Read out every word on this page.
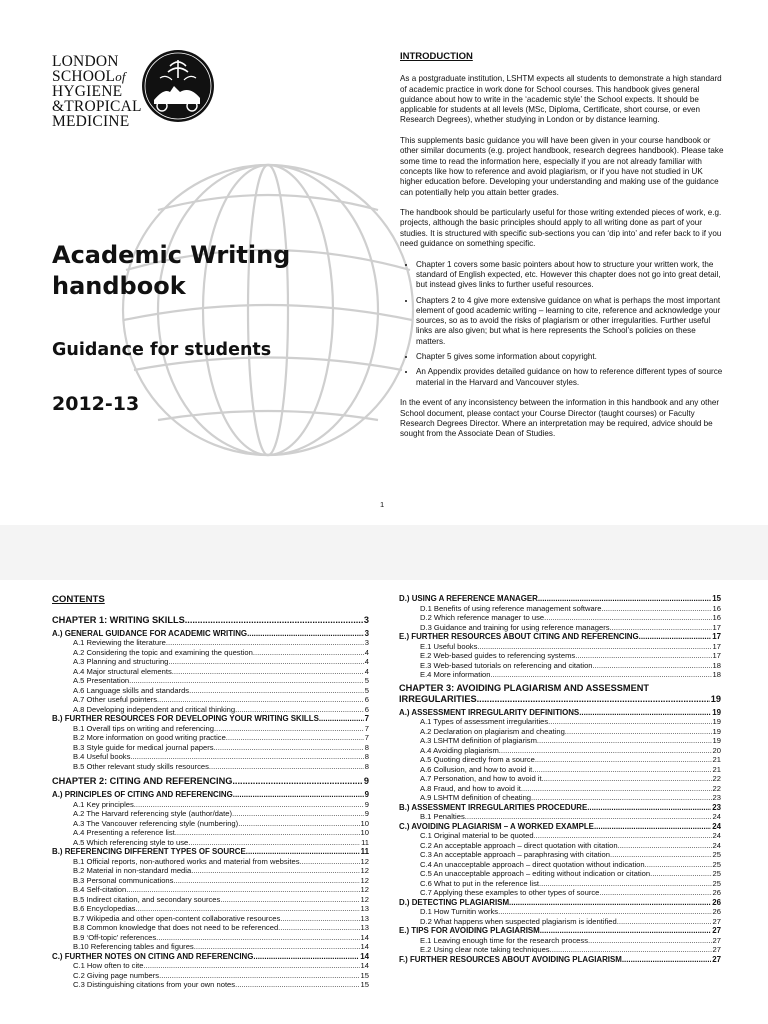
LONDON
SCHOOLof
HYGIENE
&TROPICAL
MEDICINE
Academic Writing
handbook
Guidance for students
2012-13
INTRODUCTION

As a postgraduate institution, LSHTM expects all students to demonstrate a high standard of academic practice in work done for School courses. This handbook gives general guidance about how to write in the ‘academic style’ the School expects. It should be applicable for students at all levels (MSc, Diploma, Certificate, short course, or even Research Degrees), whether studying in London or by distance learning.

This supplements basic guidance you will have been given in your course handbook or other similar documents (e.g. project handbook, research degrees handbook). Please take some time to read the information here, especially if you are not already familiar with concepts like how to reference and avoid plagiarism, or if you have not studied in UK higher education before. Developing your understanding and making use of the guidance can potentially help you attain better grades.

The handbook should be particularly useful for those writing extended pieces of work, e.g. projects, although the basic principles should apply to all writing done as part of your studies. It is structured with specific sub-sections you can ‘dip into’ and refer back to if you need guidance on something specific.

• Chapter 1 covers some basic pointers about how to structure your written work, the standard of English expected, etc. However this chapter does not go into great detail, but instead gives links to further useful resources.
• Chapters 2 to 4 give more extensive guidance on what is perhaps the most important element of good academic writing – learning to cite, reference and acknowledge your sources, so as to avoid the risks of plagiarism or other irregularities. Further useful links are also given; but what is here represents the School’s policies on these matters.
• Chapter 5 gives some information about copyright.
• An Appendix provides detailed guidance on how to reference different types of source material in the Harvard and Vancouver styles.

In the event of any inconsistency between the information in this handbook and any other School document, please contact your Course Director (taught courses) or Faculty Research Degrees Director. Where an interpretation may be required, advice should be sought from the Associate Dean of Studies.

1
CONTENTS
CHAPTER 1: WRITING SKILLS .....	3
A.) GENERAL GUIDANCE FOR ACADEMIC WRITING .....	3
A.1 Reviewing the literature .....	3
A.2 Considering the topic and examining the question .....	4
A.3 Planning and structuring .....	4
A.4 Major structural elements .....	4
A.5 Presentation .....	5
A.6 Language skills and standards .....	5
A.7 Other useful pointers .....	6
A.8 Developing independent and critical thinking .....	6
B.) FURTHER RESOURCES FOR DEVELOPING YOUR WRITING SKILLS .....	7
B.1 Overall tips on writing and referencing .....	7
B.2 More information on good writing practice .....	7
B.3 Style guide for medical journal papers .....	8
B.4 Useful books .....	8
B.5 Other relevant study skills resources .....	8
CHAPTER 2: CITING AND REFERENCING .....	9
A.) PRINCIPLES OF CITING AND REFERENCING .....	9
A.1 Key principles .....	9
A.2 The Harvard referencing style (author/date) .....	9
A.3 The Vancouver referencing style (numbering) .....	10
A.4 Presenting a reference list .....	10
A.5 Which referencing style to use .....	11
B.) REFERENCING DIFFERENT TYPES OF SOURCE .....	11
B.1 Official reports, non-authored works and material from websites .....	12
B.2 Material in non-standard media .....	12
B.3 Personal communications .....	12
B.4 Self-citation .....	12
B.5 Indirect citation, and secondary sources .....	12
B.6 Encyclopedias .....	13
B.7 Wikipedia and other open-content collaborative resources .....	13
B.8 Common knowledge that does not need to be referenced .....	13
B.9 ‘Off-topic’ references .....	14
B.10 Referencing tables and figures .....	14
C.) FURTHER NOTES ON CITING AND REFERENCING .....	14
C.1 How often to cite .....	14
C.2 Giving page numbers .....	15
C.3 Distinguishing citations from your own notes .....	15
D.) USING A REFERENCE MANAGER .....	15
D.1 Benefits of using reference management software .....	16
D.2 Which reference manager to use .....	16
D.3 Guidance and training for using reference managers .....	17
E.) FURTHER RESOURCES ABOUT CITING AND REFERENCING .....	17
E.1 Useful books .....	17
E.2 Web-based guides to referencing systems .....	17
E.3 Web-based tutorials on referencing and citation .....	18
E.4 More information .....	18
CHAPTER 3: AVOIDING PLAGIARISM AND ASSESSMENT
IRREGULARITIES .....	19
A.) ASSESSMENT IRREGULARITY DEFINITIONS .....	19
A.1 Types of assessment irregularities .....	19
A.2 Declaration on plagiarism and cheating .....	19
A.3 LSHTM definition of plagiarism .....	19
A.4 Avoiding plagiarism .....	20
A.5 Quoting directly from a source .....	21
A.6 Collusion, and how to avoid it .....	21
A.7 Personation, and how to avoid it .....	22
A.8 Fraud, and how to avoid it .....	22
A.9 LSHTM definition of cheating .....	23
B.) ASSESSMENT IRREGULARITIES PROCEDURE .....	23
B.1 Penalties .....	24
C.) AVOIDING PLAGIARISM – A WORKED EXAMPLE .....	24
C.1 Original material to be quoted .....	24
C.2 An acceptable approach – direct quotation with citation .....	24
C.3 An acceptable approach – paraphrasing with citation .....	25
C.4 An unacceptable approach – direct quotation without indication .....	25
C.5 An unacceptable approach – editing without indication or citation .....	25
C.6 What to put in the reference list .....	25
C.7 Applying these examples to other types of source .....	26
D.) DETECTING PLAGIARISM .....	26
D.1 How Turnitin works .....	26
D.2 What happens when suspected plagiarism is identified .....	27
E.) TIPS FOR AVOIDING PLAGIARISM .....	27
E.1 Leaving enough time for the research process .....	27
E.2 Using clear note taking techniques .....	27
F.) FURTHER RESOURCES ABOUT AVOIDING PLAGIARISM .....	27
